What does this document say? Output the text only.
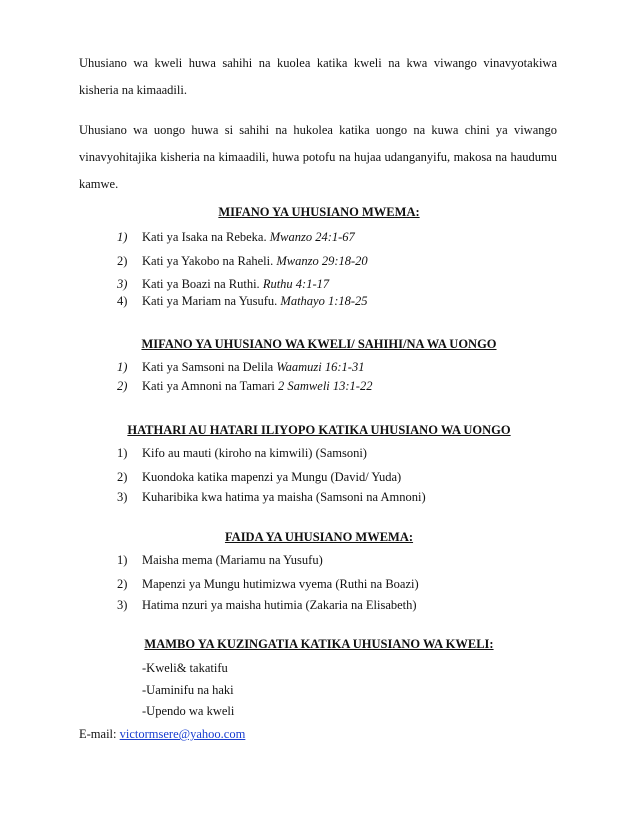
Uhusiano wa kweli huwa sahihi na kuolea katika kweli na kwa viwango vinavyotakiwa kisheria na kimaadili.

Uhusiano wa uongo huwa si sahihi na hukolea katika uongo na kuwa chini ya viwango vinavyohitajika kisheria na kimaadili, huwa potofu na hujaa udanganyifu, makosa na haudumu kamwe.

MIFANO YA UHUSIANO MWEMA:
1) Kati ya Isaka na Rebeka. Mwanzo 24:1-67
2) Kati ya Yakobo na Raheli. Mwanzo 29:18-20
3) Kati ya Boazi na Ruthi. Ruthu 4:1-17
4) Kati ya Mariam na Yusufu. Mathayo 1:18-25
MIFANO YA UHUSIANO WA KWELI/ SAHIHI/NA WA UONGO
1) Kati ya Samsoni na Delila Waamuzi 16:1-31
2) Kati ya Amnoni na Tamari 2 Samweli 13:1-22
HATHARI AU HATARI ILIYOPO KATIKA UHUSIANO WA UONGO
1) Kifo au mauti (kiroho na kimwili) (Samsoni)
2) Kuondoka katika mapenzi ya Mungu (David/ Yuda)
3) Kuharibika kwa hatima ya maisha (Samsoni na Amnoni)
FAIDA YA UHUSIANO MWEMA:
1) Maisha mema (Mariamu na Yusufu)
2) Mapenzi ya Mungu hutimizwa vyema (Ruthi na Boazi)
3) Hatima nzuri ya maisha hutimia (Zakaria na Elisabeth)
MAMBO YA KUZINGATIA KATIKA UHUSIANO WA KWELI:
-Kweli& takatifu
-Uaminifu na haki
-Upendo wa kweli
E-mail: victormsere@yahoo.com
